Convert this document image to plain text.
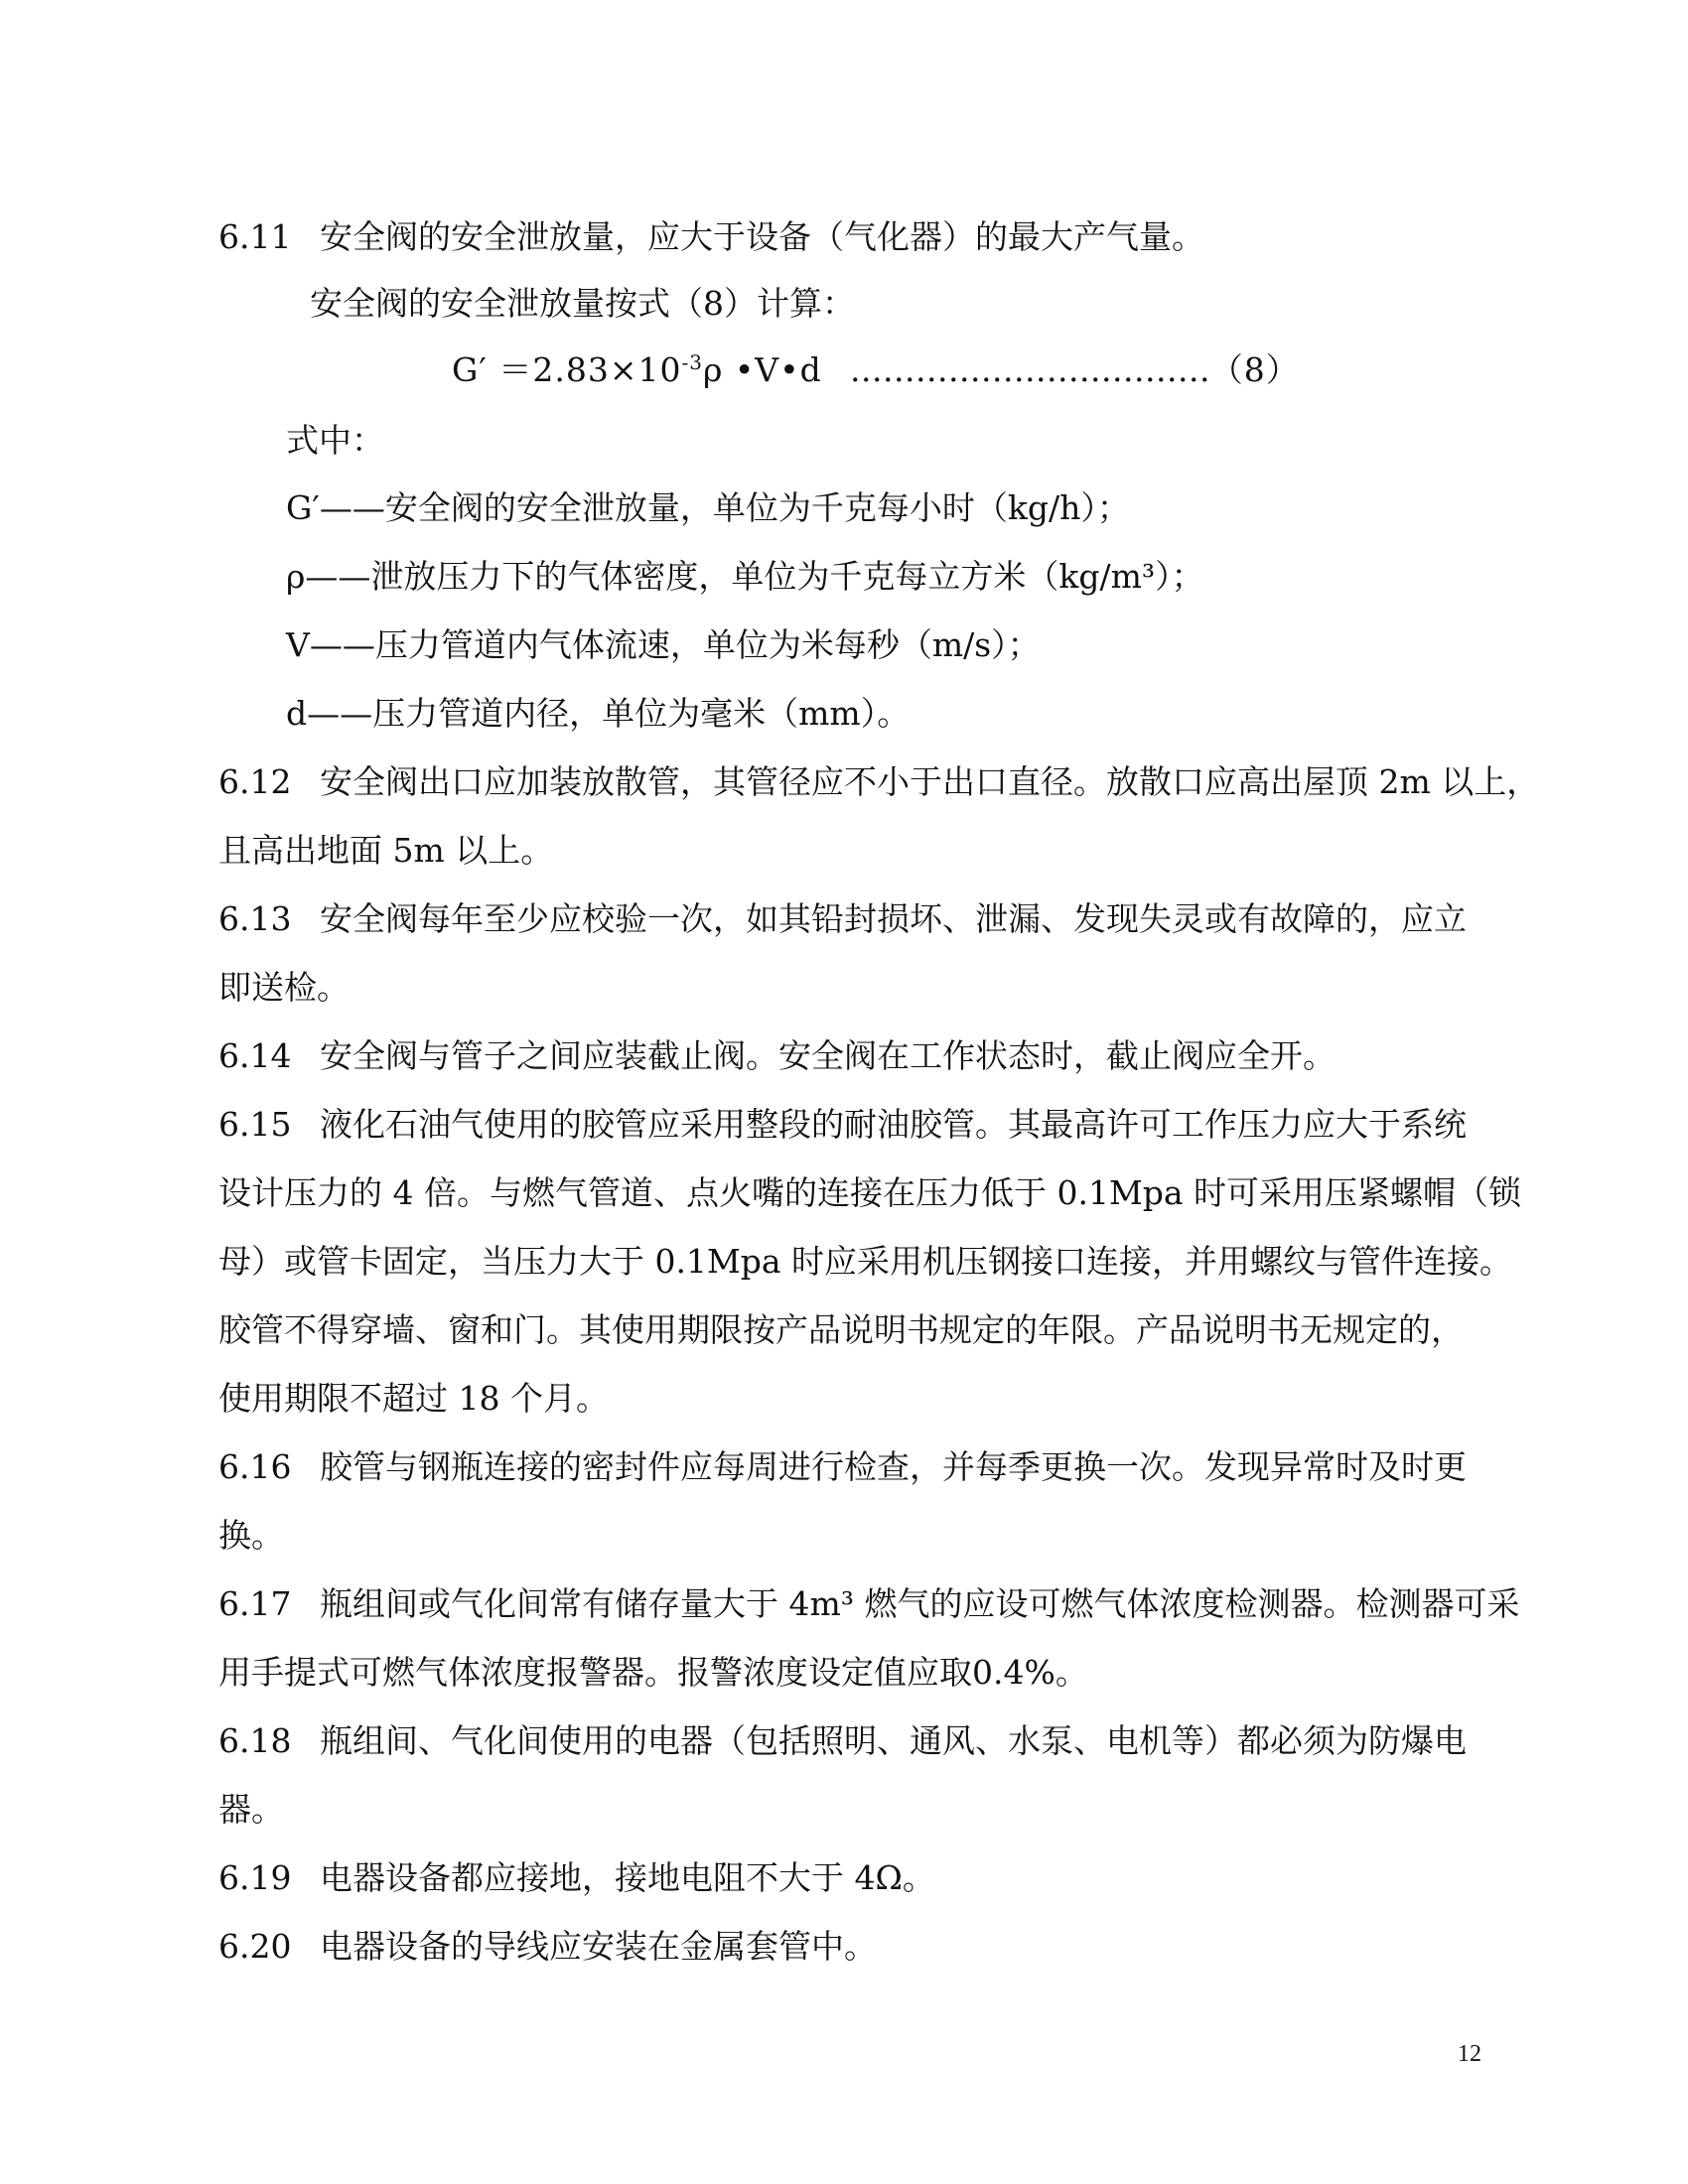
6.11 安全阀的安全泄放量，应大于设备（气化器）的最大产气量。
安全阀的安全泄放量按式（8）计算：
$G' =2.83\times 10^{-3}\rho$ •V•d ……………………………（8）
式中：
G′——安全阀的安全泄放量，单位为千克每小时（kg/h）；
ρ——泄放压力下的气体密度，单位为千克每立方米（kg/m³）；
V——压力管道内气体流速，单位为米每秒（m/s）；
d——压力管道内径，单位为毫米（mm）。
6.12 安全阀出口应加装放散管，其管径应不小于出口直径。放散口应高出屋顶 2m 以上，
且高出地面 5m 以上。
6.13 安全阀每年至少应校验一次，如其铅封损坏、泄漏、发现失灵或有故障的，应立
即送检。
6.14 安全阀与管子之间应装截止阀。安全阀在工作状态时，截止阀应全开。
6.15 液化石油气使用的胶管应采用整段的耐油胶管。其最高许可工作压力应大于系统
设计压力的 4 倍。与燃气管道、点火嘴的连接在压力低于 0.1Mpa 时可采用压紧螺帽（锁
母）或管卡固定，当压力大于 0.1Mpa 时应采用机压钢接口连接，并用螺纹与管件连接。
胶管不得穿墙、窗和门。其使用期限按产品说明书规定的年限。产品说明书无规定的，
使用期限不超过 18 个月。
6.16 胶管与钢瓶连接的密封件应每周进行检查，并每季更换一次。发现异常时及时更
换。
6.17 瓶组间或气化间常有储存量大于 4m³ 燃气的应设可燃气体浓度检测器。检测器可采
用手提式可燃气体浓度报警器。报警浓度设定值应取0.4%。
6.18 瓶组间、气化间使用的电器（包括照明、通风、水泵、电机等）都必须为防爆电
器。
6.19 电器设备都应接地，接地电阻不大于 4Ω。
6.20 电器设备的导线应安装在金属套管中。
12
